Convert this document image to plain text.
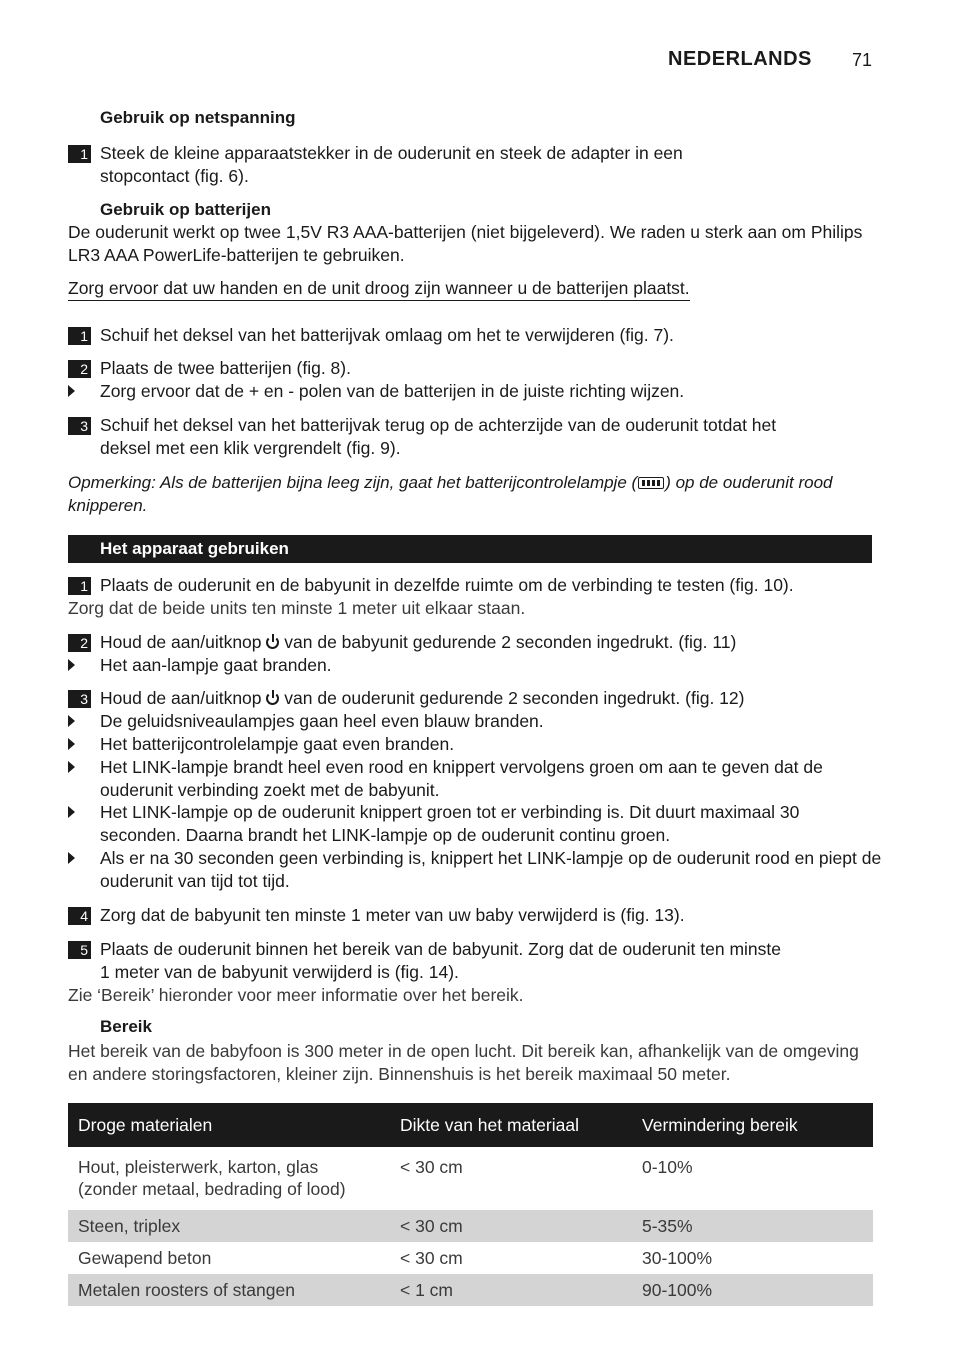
NEDERLANDS 71
Gebruik op netspanning
1 Steek de kleine apparaatstekker in de ouderunit en steek de adapter in een
stopcontact (fig. 6).
Gebruik op batterijen
De ouderunit werkt op twee 1,5V R3 AAA-batterijen (niet bijgeleverd). We raden u sterk aan om Philips LR3 AAA PowerLife-batterijen te gebruiken.
Zorg ervoor dat uw handen en de unit droog zijn wanneer u de batterijen plaatst.
1 Schuif het deksel van het batterijvak omlaag om het te verwijderen (fig. 7).
2 Plaats de twee batterijen (fig. 8).
Zorg ervoor dat de + en - polen van de batterijen in de juiste richting wijzen.
3 Schuif het deksel van het batterijvak terug op de achterzijde van de ouderunit totdat het
deksel met een klik vergrendelt (fig. 9).
Opmerking: Als de batterijen bijna leeg zijn, gaat het batterijcontrolelampje ( ) op de ouderunit rood knipperen.
Het apparaat gebruiken
1 Plaats de ouderunit en de babyunit in dezelfde ruimte om de verbinding te testen (fig. 10).
Zorg dat de beide units ten minste 1 meter uit elkaar staan.
2 Houd de aan/uitknop van de babyunit gedurende 2 seconden ingedrukt. (fig. 11)
Het aan-lampje gaat branden.
3 Houd de aan/uitknop van de ouderunit gedurende 2 seconden ingedrukt. (fig. 12)
De geluidsniveaulampjes gaan heel even blauw branden.
Het batterijcontrolelampje gaat even branden.
Het LINK-lampje brandt heel even rood en knippert vervolgens groen om aan te geven dat de ouderunit verbinding zoekt met de babyunit.
Het LINK-lampje op de ouderunit knippert groen tot er verbinding is. Dit duurt maximaal 30 seconden. Daarna brandt het LINK-lampje op de ouderunit continu groen.
Als er na 30 seconden geen verbinding is, knippert het LINK-lampje op de ouderunit rood en piept de ouderunit van tijd tot tijd.
4 Zorg dat de babyunit ten minste 1 meter van uw baby verwijderd is (fig. 13).
5 Plaats de ouderunit binnen het bereik van de babyunit. Zorg dat de ouderunit ten minste
1 meter van de babyunit verwijderd is (fig. 14).
Zie ‘Bereik’ hieronder voor meer informatie over het bereik.
Bereik
Het bereik van de babyfoon is 300 meter in de open lucht. Dit bereik kan, afhankelijk van de omgeving en andere storingsfactoren, kleiner zijn. Binnenshuis is het bereik maximaal 50 meter.
Droge materialen	Dikte van het materiaal	Vermindering bereik
Hout, pleisterwerk, karton, glas (zonder metaal, bedrading of lood)	< 30 cm	0-10%
Steen, triplex	< 30 cm	5-35%
Gewapend beton	< 30 cm	30-100%
Metalen roosters of stangen	< 1 cm	90-100%
